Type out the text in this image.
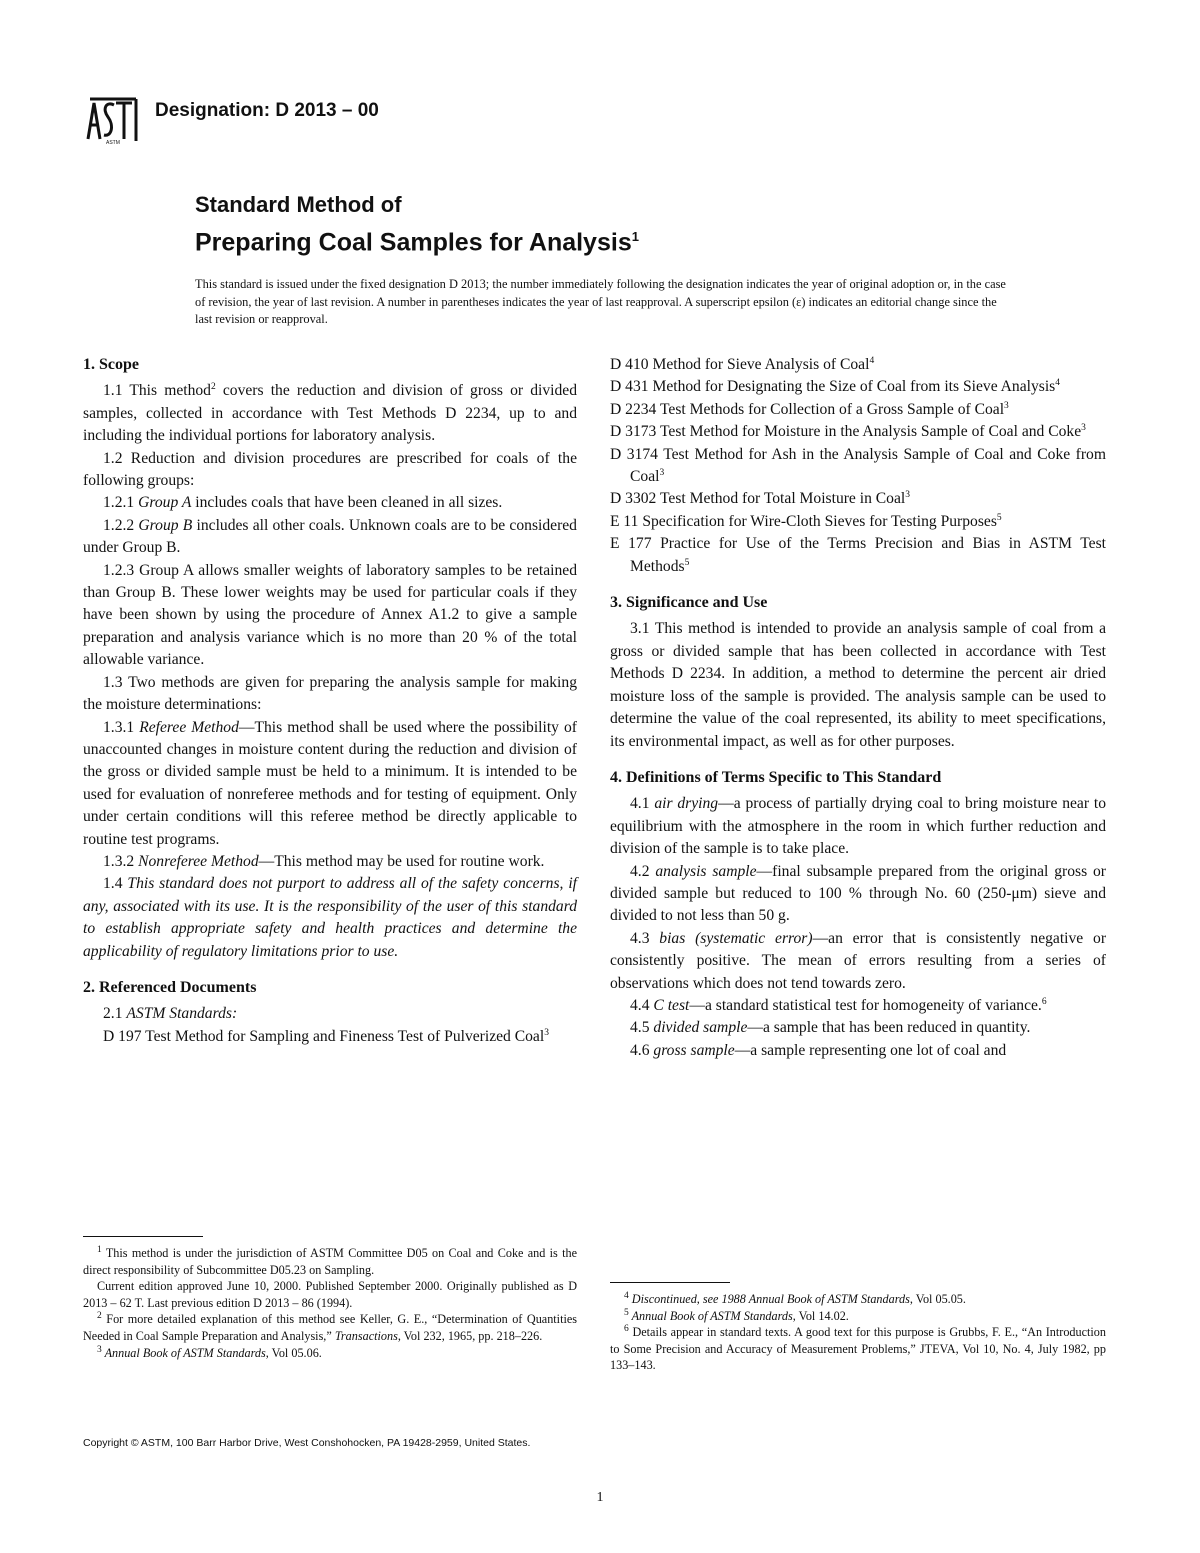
ASTM
Designation: D 2013 – 00
Standard Method of
Preparing Coal Samples for Analysis$^1$
This standard is issued under the fixed designation D 2013; the number immediately following the designation indicates the year of original adoption or, in the case of revision, the year of last revision. A number in parentheses indicates the year of last reapproval. A superscript epsilon (ε) indicates an editorial change since the last revision or reapproval.

1. Scope

1.1 This method$^2$ covers the reduction and division of gross or divided samples, collected in accordance with Test Methods D 2234, up to and including the individual portions for laboratory analysis.

1.2 Reduction and division procedures are prescribed for coals of the following groups:

1.2.1 Group A includes coals that have been cleaned in all sizes.

1.2.2 Group B includes all other coals. Unknown coals are to be considered under Group B.

1.2.3 Group A allows smaller weights of laboratory samples to be retained than Group B. These lower weights may be used for particular coals if they have been shown by using the procedure of Annex A1.2 to give a sample preparation and analysis variance which is no more than 20 % of the total allowable variance.

1.3 Two methods are given for preparing the analysis sample for making the moisture determinations:

1.3.1 Referee Method—This method shall be used where the possibility of unaccounted changes in moisture content during the reduction and division of the gross or divided sample must be held to a minimum. It is intended to be used for evaluation of nonreferee methods and for testing of equipment. Only under certain conditions will this referee method be directly applicable to routine test programs.

1.3.2 Nonreferee Method—This method may be used for routine work.

1.4 This standard does not purport to address all of the safety concerns, if any, associated with its use. It is the responsibility of the user of this standard to establish appropriate safety and health practices and determine the applicability of regulatory limitations prior to use.

2. Referenced Documents

2.1 ASTM Standards:

D 197 Test Method for Sampling and Fineness Test of Pulverized Coal$^3$

$^1$ This method is under the jurisdiction of ASTM Committee D05 on Coal and Coke and is the direct responsibility of Subcommittee D05.23 on Sampling.

Current edition approved June 10, 2000. Published September 2000. Originally published as D 2013 – 62 T. Last previous edition D 2013 – 86 (1994).

$^2$ For more detailed explanation of this method see Keller, G. E., “Determination of Quantities Needed in Coal Sample Preparation and Analysis,” Transactions, Vol 232, 1965, pp. 218–226.

$^3$ Annual Book of ASTM Standards, Vol 05.06.

D 410 Method for Sieve Analysis of Coal$^4$

D 431 Method for Designating the Size of Coal from its Sieve Analysis$^4$

D 2234 Test Methods for Collection of a Gross Sample of Coal$^3$

D 3173 Test Method for Moisture in the Analysis Sample of Coal and Coke$^3$

D 3174 Test Method for Ash in the Analysis Sample of Coal and Coke from Coal$^3$

D 3302 Test Method for Total Moisture in Coal$^3$

E 11 Specification for Wire-Cloth Sieves for Testing Purposes$^5$

E 177 Practice for Use of the Terms Precision and Bias in ASTM Test Methods$^5$

3. Significance and Use

3.1 This method is intended to provide an analysis sample of coal from a gross or divided sample that has been collected in accordance with Test Methods D 2234. In addition, a method to determine the percent air dried moisture loss of the sample is provided. The analysis sample can be used to determine the value of the coal represented, its ability to meet specifications, its environmental impact, as well as for other purposes.

4. Definitions of Terms Specific to This Standard

4.1 air drying—a process of partially drying coal to bring moisture near to equilibrium with the atmosphere in the room in which further reduction and division of the sample is to take place.

4.2 analysis sample—final subsample prepared from the original gross or divided sample but reduced to 100 % through No. 60 (250-μm) sieve and divided to not less than 50 g.

4.3 bias (systematic error)—an error that is consistently negative or consistently positive. The mean of errors resulting from a series of observations which does not tend towards zero.

4.4 C test—a standard statistical test for homogeneity of variance.$^6$

4.5 divided sample—a sample that has been reduced in quantity.

4.6 gross sample—a sample representing one lot of coal and

$^4$ Discontinued, see 1988 Annual Book of ASTM Standards, Vol 05.05.

$^5$ Annual Book of ASTM Standards, Vol 14.02.

$^6$ Details appear in standard texts. A good text for this purpose is Grubbs, F. E., “An Introduction to Some Precision and Accuracy of Measurement Problems,” JTEVA, Vol 10, No. 4, July 1982, pp 133–143.

Copyright © ASTM, 100 Barr Harbor Drive, West Conshohocken, PA 19428-2959, United States.
1
